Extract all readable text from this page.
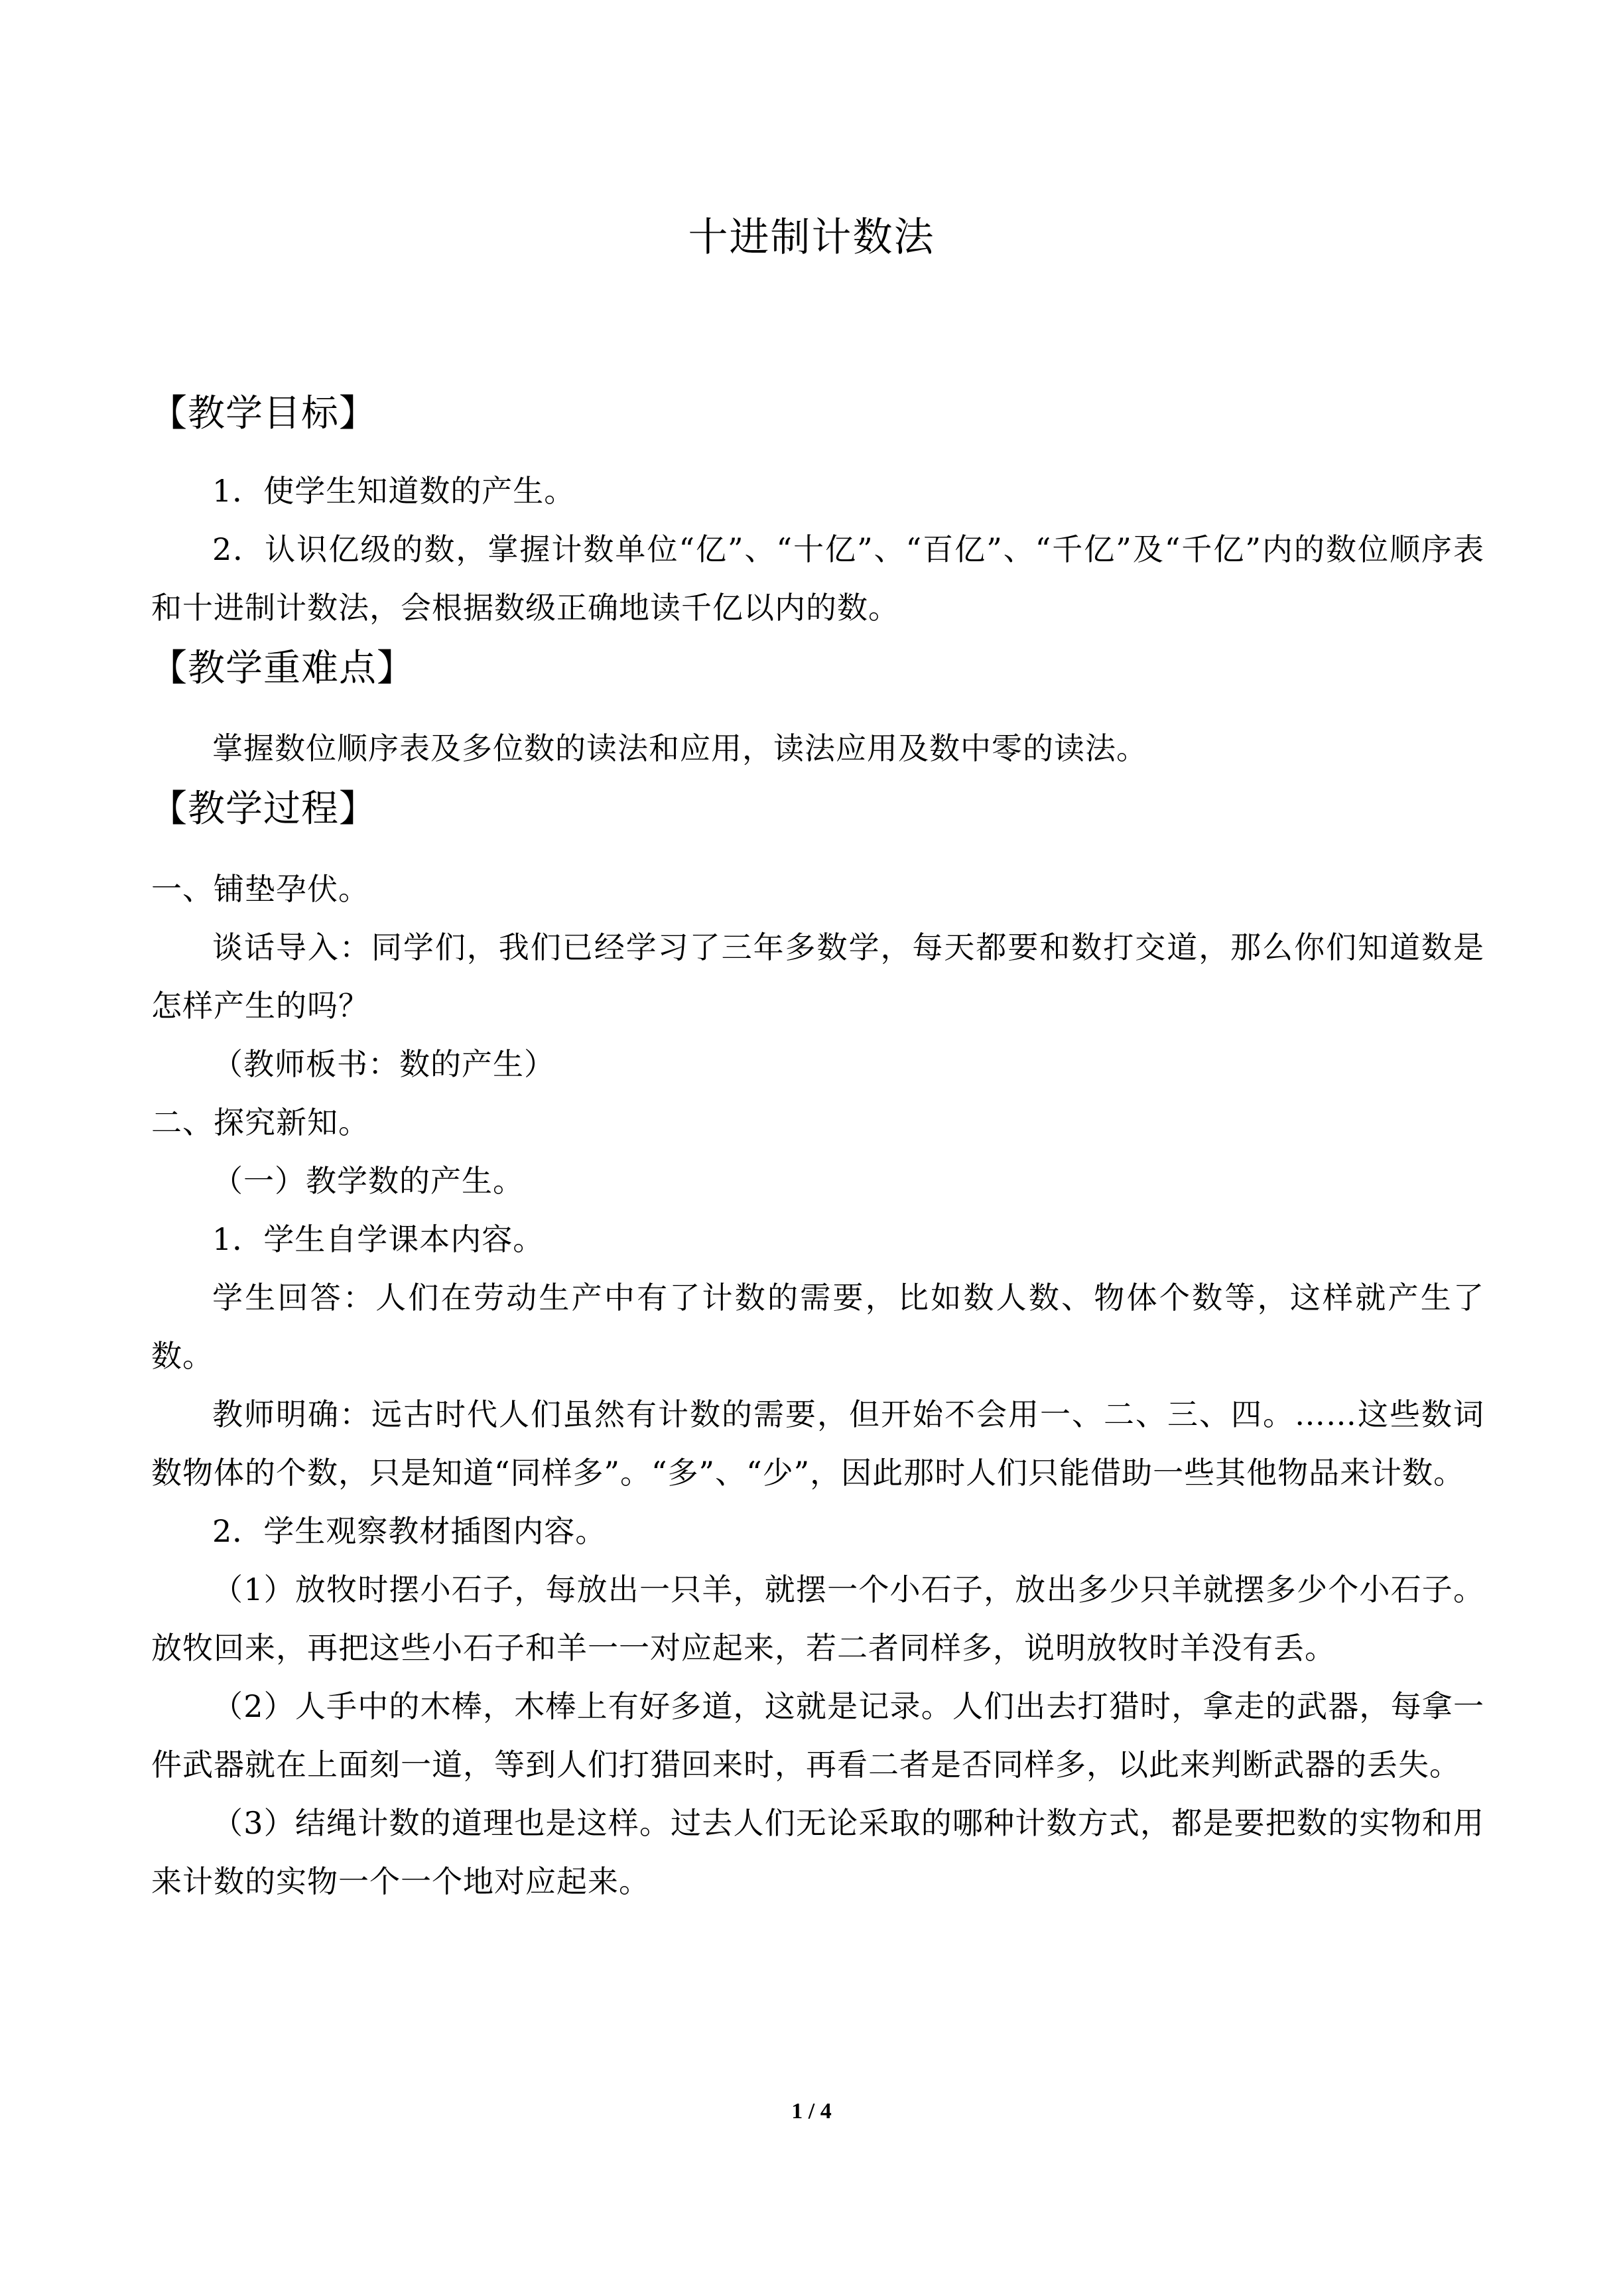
十进制计数法

【教学目标】

1．使学生知道数的产生。

2．认识亿级的数，掌握计数单位“亿”、“十亿”、“百亿”、“千亿”及“千亿”内的数位顺序表和十进制计数法，会根据数级正确地读千亿以内的数。

【教学重难点】

掌握数位顺序表及多位数的读法和应用，读法应用及数中零的读法。

【教学过程】

一、铺垫孕伏。

谈话导入：同学们，我们已经学习了三年多数学，每天都要和数打交道，那么你们知道数是怎样产生的吗？

（教师板书：数的产生）

二、探究新知。

（一）教学数的产生。

1．学生自学课本内容。

学生回答：人们在劳动生产中有了计数的需要，比如数人数、物体个数等，这样就产生了数。

教师明确：远古时代人们虽然有计数的需要，但开始不会用一、二、三、四。……这些数词数物体的个数，只是知道“同样多”。“多”、“少”，因此那时人们只能借助一些其他物品来计数。

2．学生观察教材插图内容。

（1）放牧时摆小石子，每放出一只羊，就摆一个小石子，放出多少只羊就摆多少个小石子。放牧回来，再把这些小石子和羊一一对应起来，若二者同样多，说明放牧时羊没有丢。

（2）人手中的木棒，木棒上有好多道，这就是记录。人们出去打猎时，拿走的武器，每拿一件武器就在上面刻一道，等到人们打猎回来时，再看二者是否同样多，以此来判断武器的丢失。

（3）结绳计数的道理也是这样。过去人们无论采取的哪种计数方式，都是要把数的实物和用来计数的实物一个一个地对应起来。

1 / 4
